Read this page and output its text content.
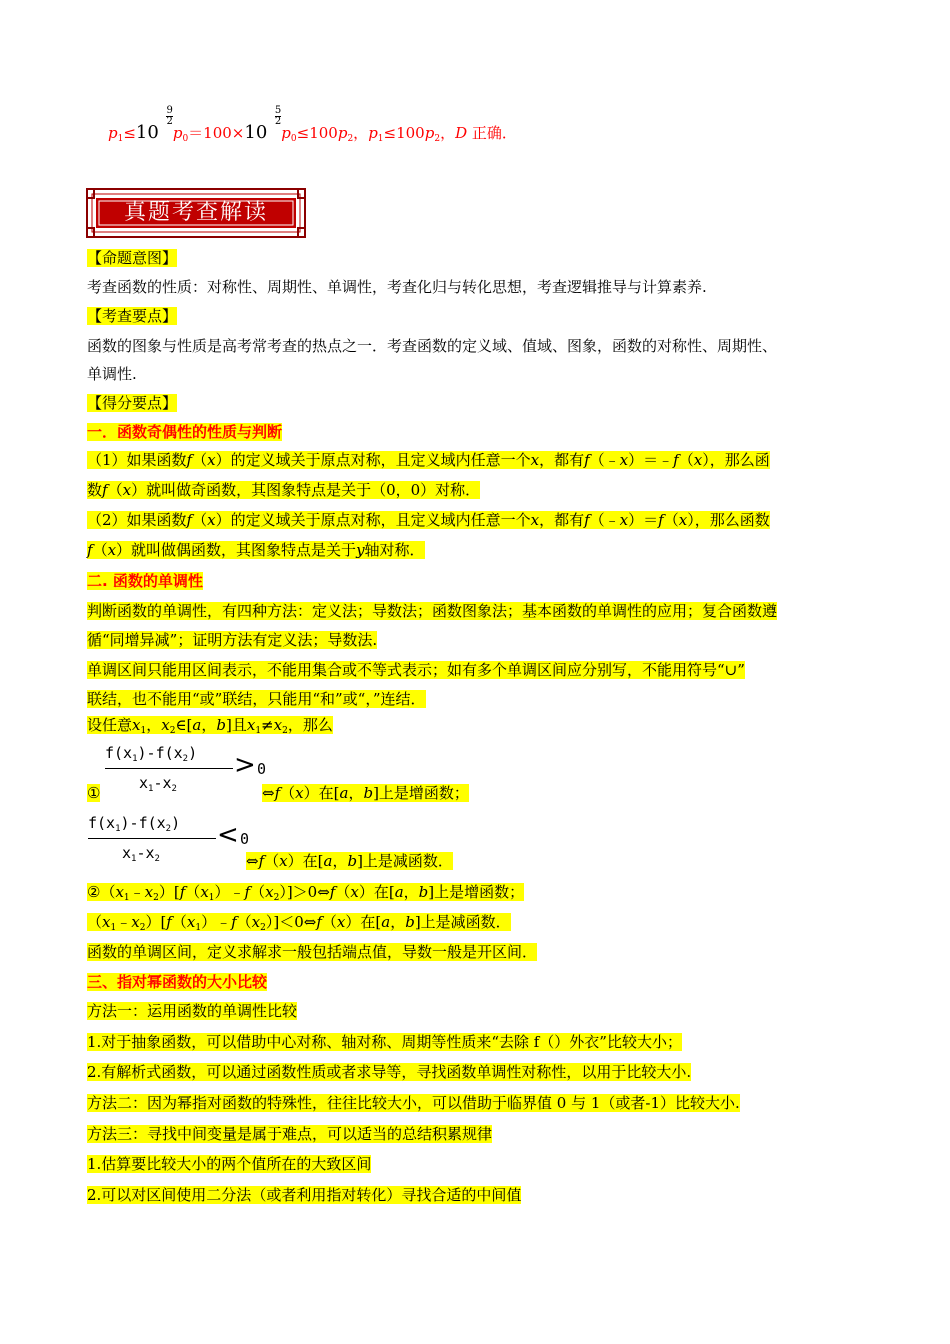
$p_1\le 10$
$\frac{9}{2}$
$p_0=100\times 10$
$\frac{5}{2}$
$p_0\le 100p_2$，$p_1\le 100p_2$，D 正确．
真题考查解读
【命题意图】
考查函数的性质：对称性、周期性、单调性，考查化归与转化思想，考查逻辑推导与计算素养.
【考查要点】
函数的图象与性质是高考常考查的热点之一．考查函数的定义域、值域、图象，函数的对称性、周期性、
单调性.
【得分要点】
一．函数奇偶性的性质与判断
（1）如果函数f（x）的定义域关于原点对称，且定义域内任意一个x，都有f（﹣x）＝﹣f（x），那么函
数f（x）就叫做奇函数，其图象特点是关于（0，0）对称．
（2）如果函数f（x）的定义域关于原点对称，且定义域内任意一个x，都有f（﹣x）＝f（x），那么函数
f（x）就叫做偶函数，其图象特点是关于y轴对称．
二. 函数的单调性
判断函数的单调性，有四种方法：定义法；导数法；函数图象法；基本函数的单调性的应用；复合函数遵
循“同增异减”；证明方法有定义法；导数法.
单调区间只能用区间表示，不能用集合或不等式表示；如有多个单调区间应分别写，不能用符号“∪”
联结，也不能用“或”联结，只能用“和”或“，”连结．
设任意$x_1$，$x_2\in[a$，b]且$x_1\ne x_2$，那么
$f(x_1)-f(x_2)$
$x_1-x_2$
> 0
①	⇔f（x）在[a，b]上是增函数；
$f(x_1)-f(x_2)$
$x_1-x_2$
< 0
⇔f（x）在[a，b]上是减函数．
$②(x_1﹣x_2)[f(x_1)﹣f(x_2)]>0\Leftrightarrow f(x)$在[a，b]上是增函数；
$(x_1﹣x_2)[f(x_1)﹣f(x_2)]<0\Leftrightarrow f(x)$在[a，b]上是减函数．
函数的单调区间，定义求解求一般包括端点值，导数一般是开区间．
三、指对幂函数的大小比较
方法一：运用函数的单调性比较
1.对于抽象函数，可以借助中心对称、轴对称、周期等性质来“去除 f（）外衣”比较大小；
2.有解析式函数，可以通过函数性质或者求导等，寻找函数单调性对称性，以用于比较大小.
方法二：因为幂指对函数的特殊性，往往比较大小，可以借助于临界值 0 与 1（或者-1）比较大小.
方法三：寻找中间变量是属于难点，可以适当的总结积累规律
1.估算要比较大小的两个值所在的大致区间
2.可以对区间使用二分法（或者利用指对转化）寻找合适的中间值
